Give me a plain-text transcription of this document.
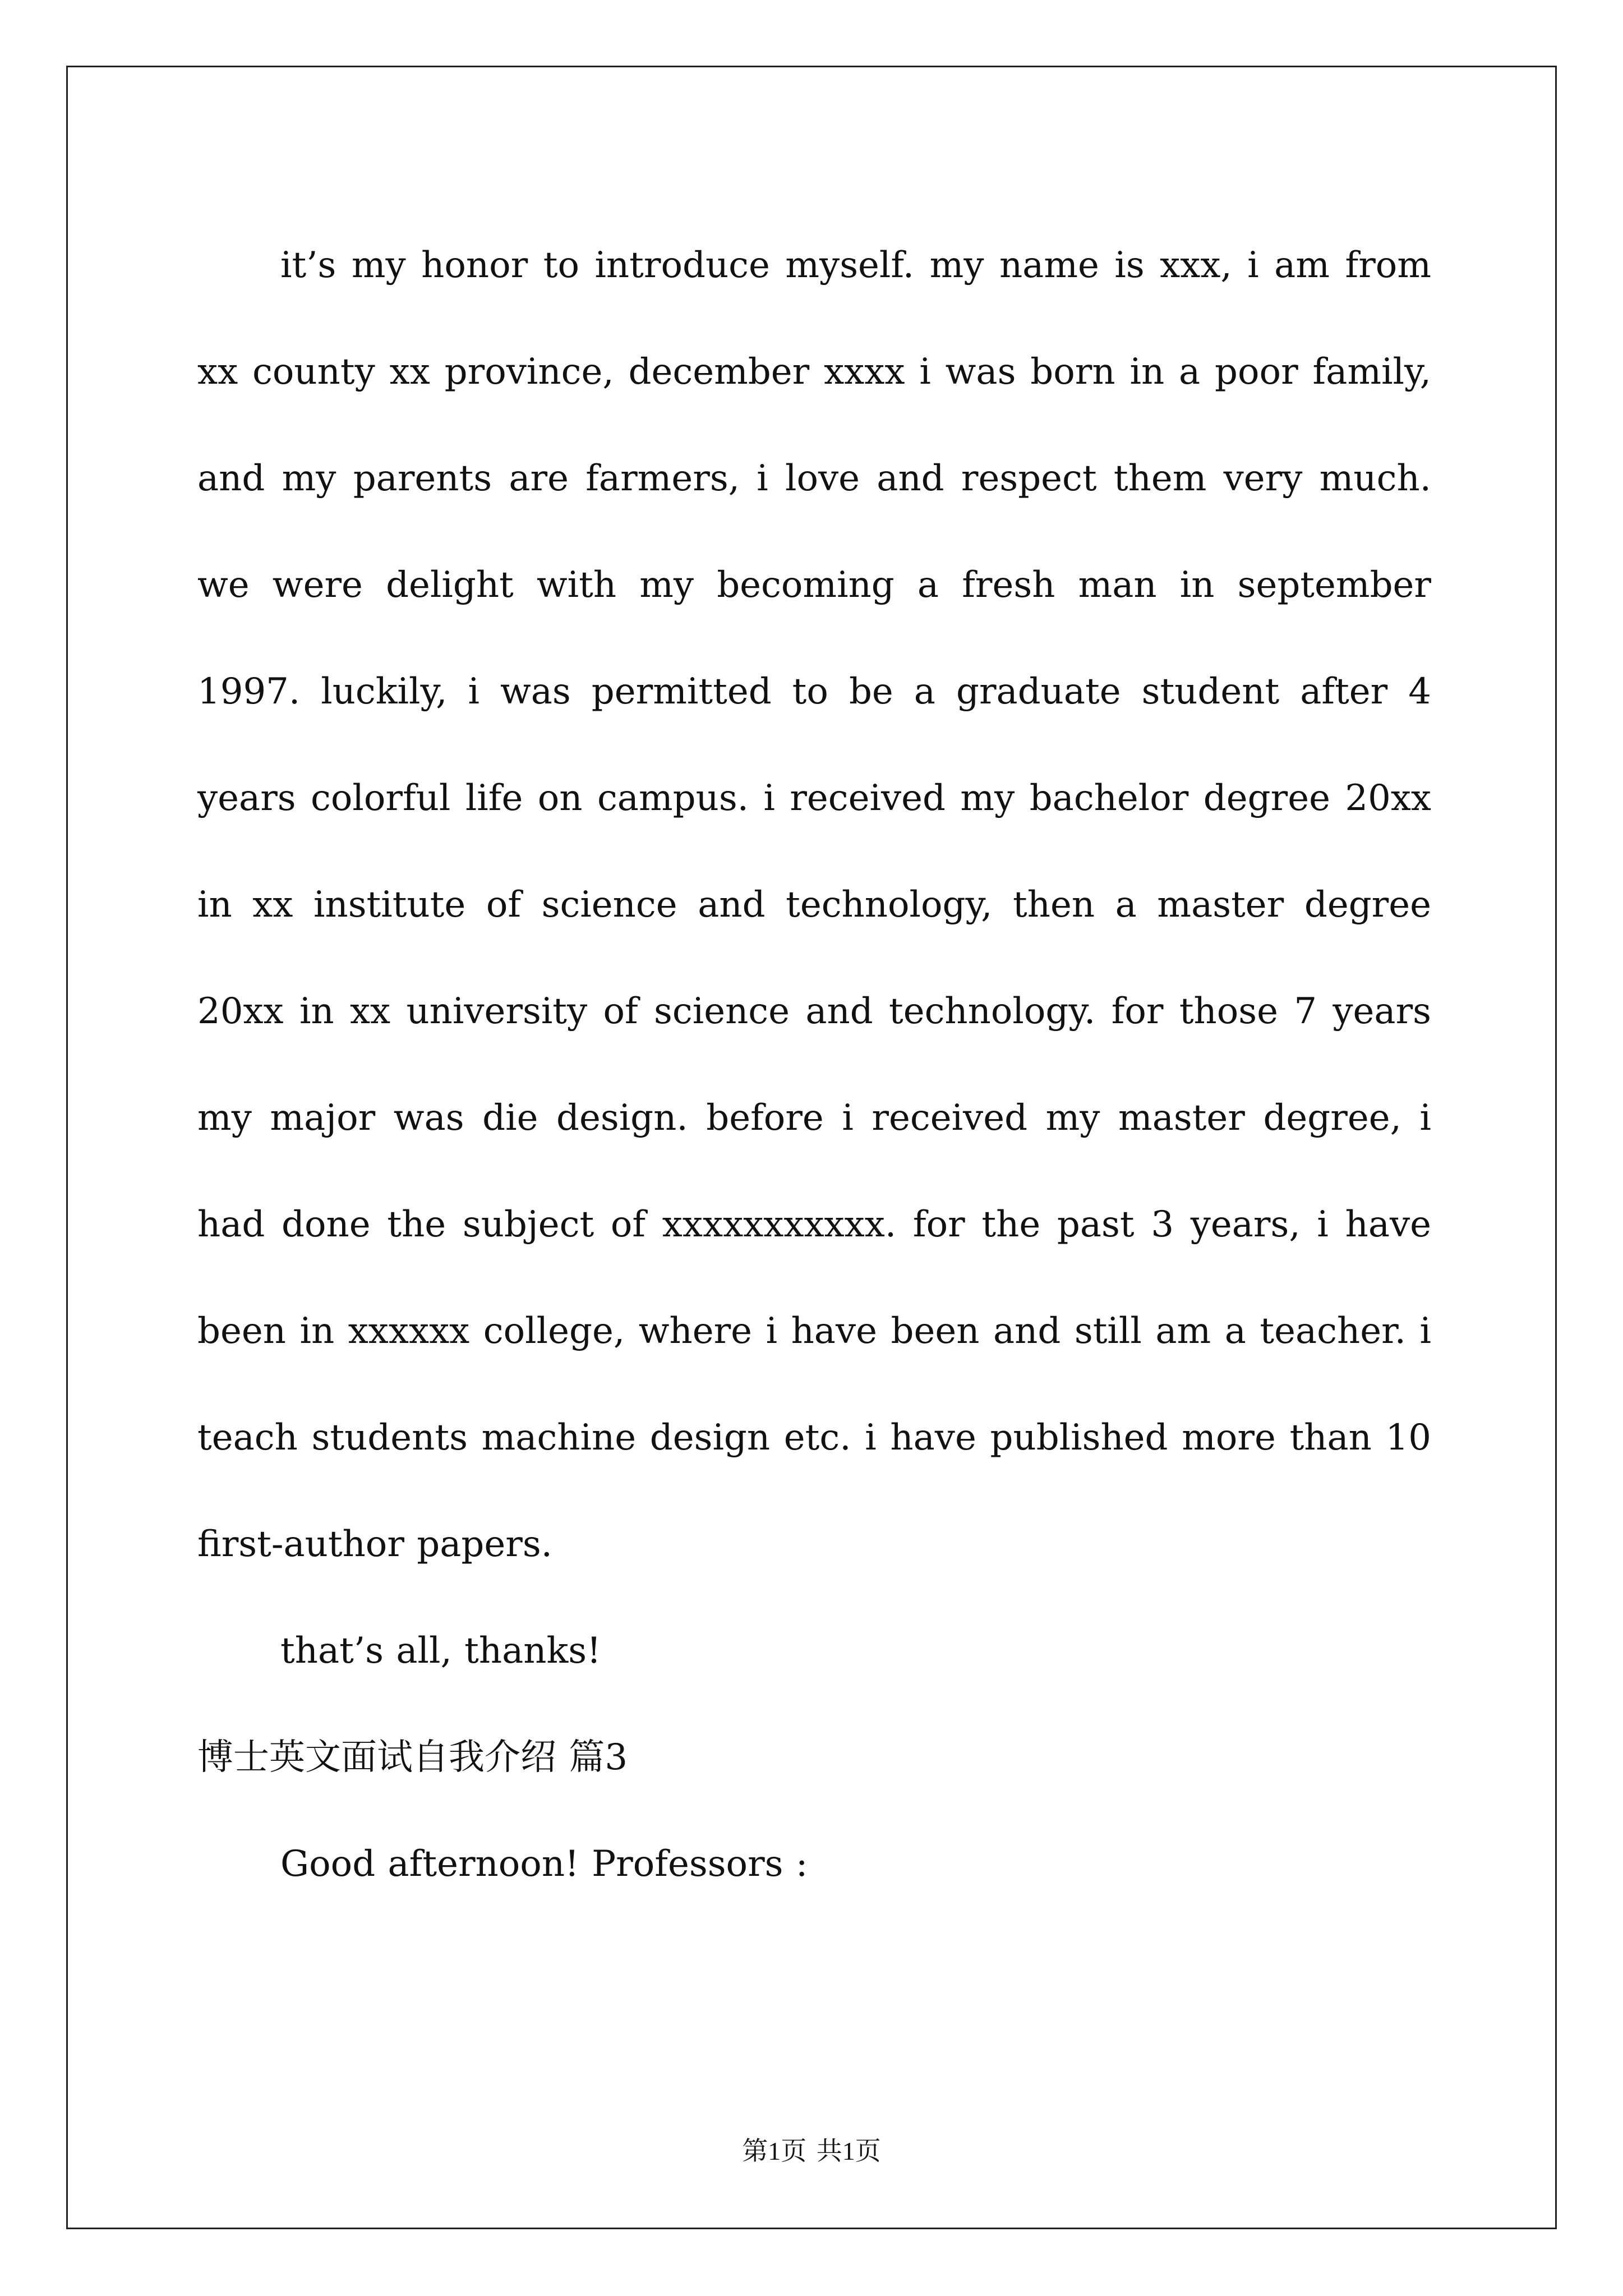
it’s my honor to introduce myself. my name is xxx, i am from xx county xx province, december xxxx i was born in a poor family, and my parents are farmers, i love and respect them very much. we were delight with my becoming a fresh man in september 1997. luckily, i was permitted to be a graduate student after 4 years colorful life on campus. i received my bachelor degree 20xx in xx institute of science and technology, then a master degree 20xx in xx university of science and technology. for those 7 years my major was die design. before i received my master degree, i had done the subject of xxxxxxxxxxx. for the past 3 years, i have been in xxxxxx college, where i have been and still am a teacher. i teach students machine design etc. i have published more than 10 first-author papers.

that’s all, thanks!

博士英文面试自我介绍 篇3

Good afternoon! Professors :

第1页 共1页
